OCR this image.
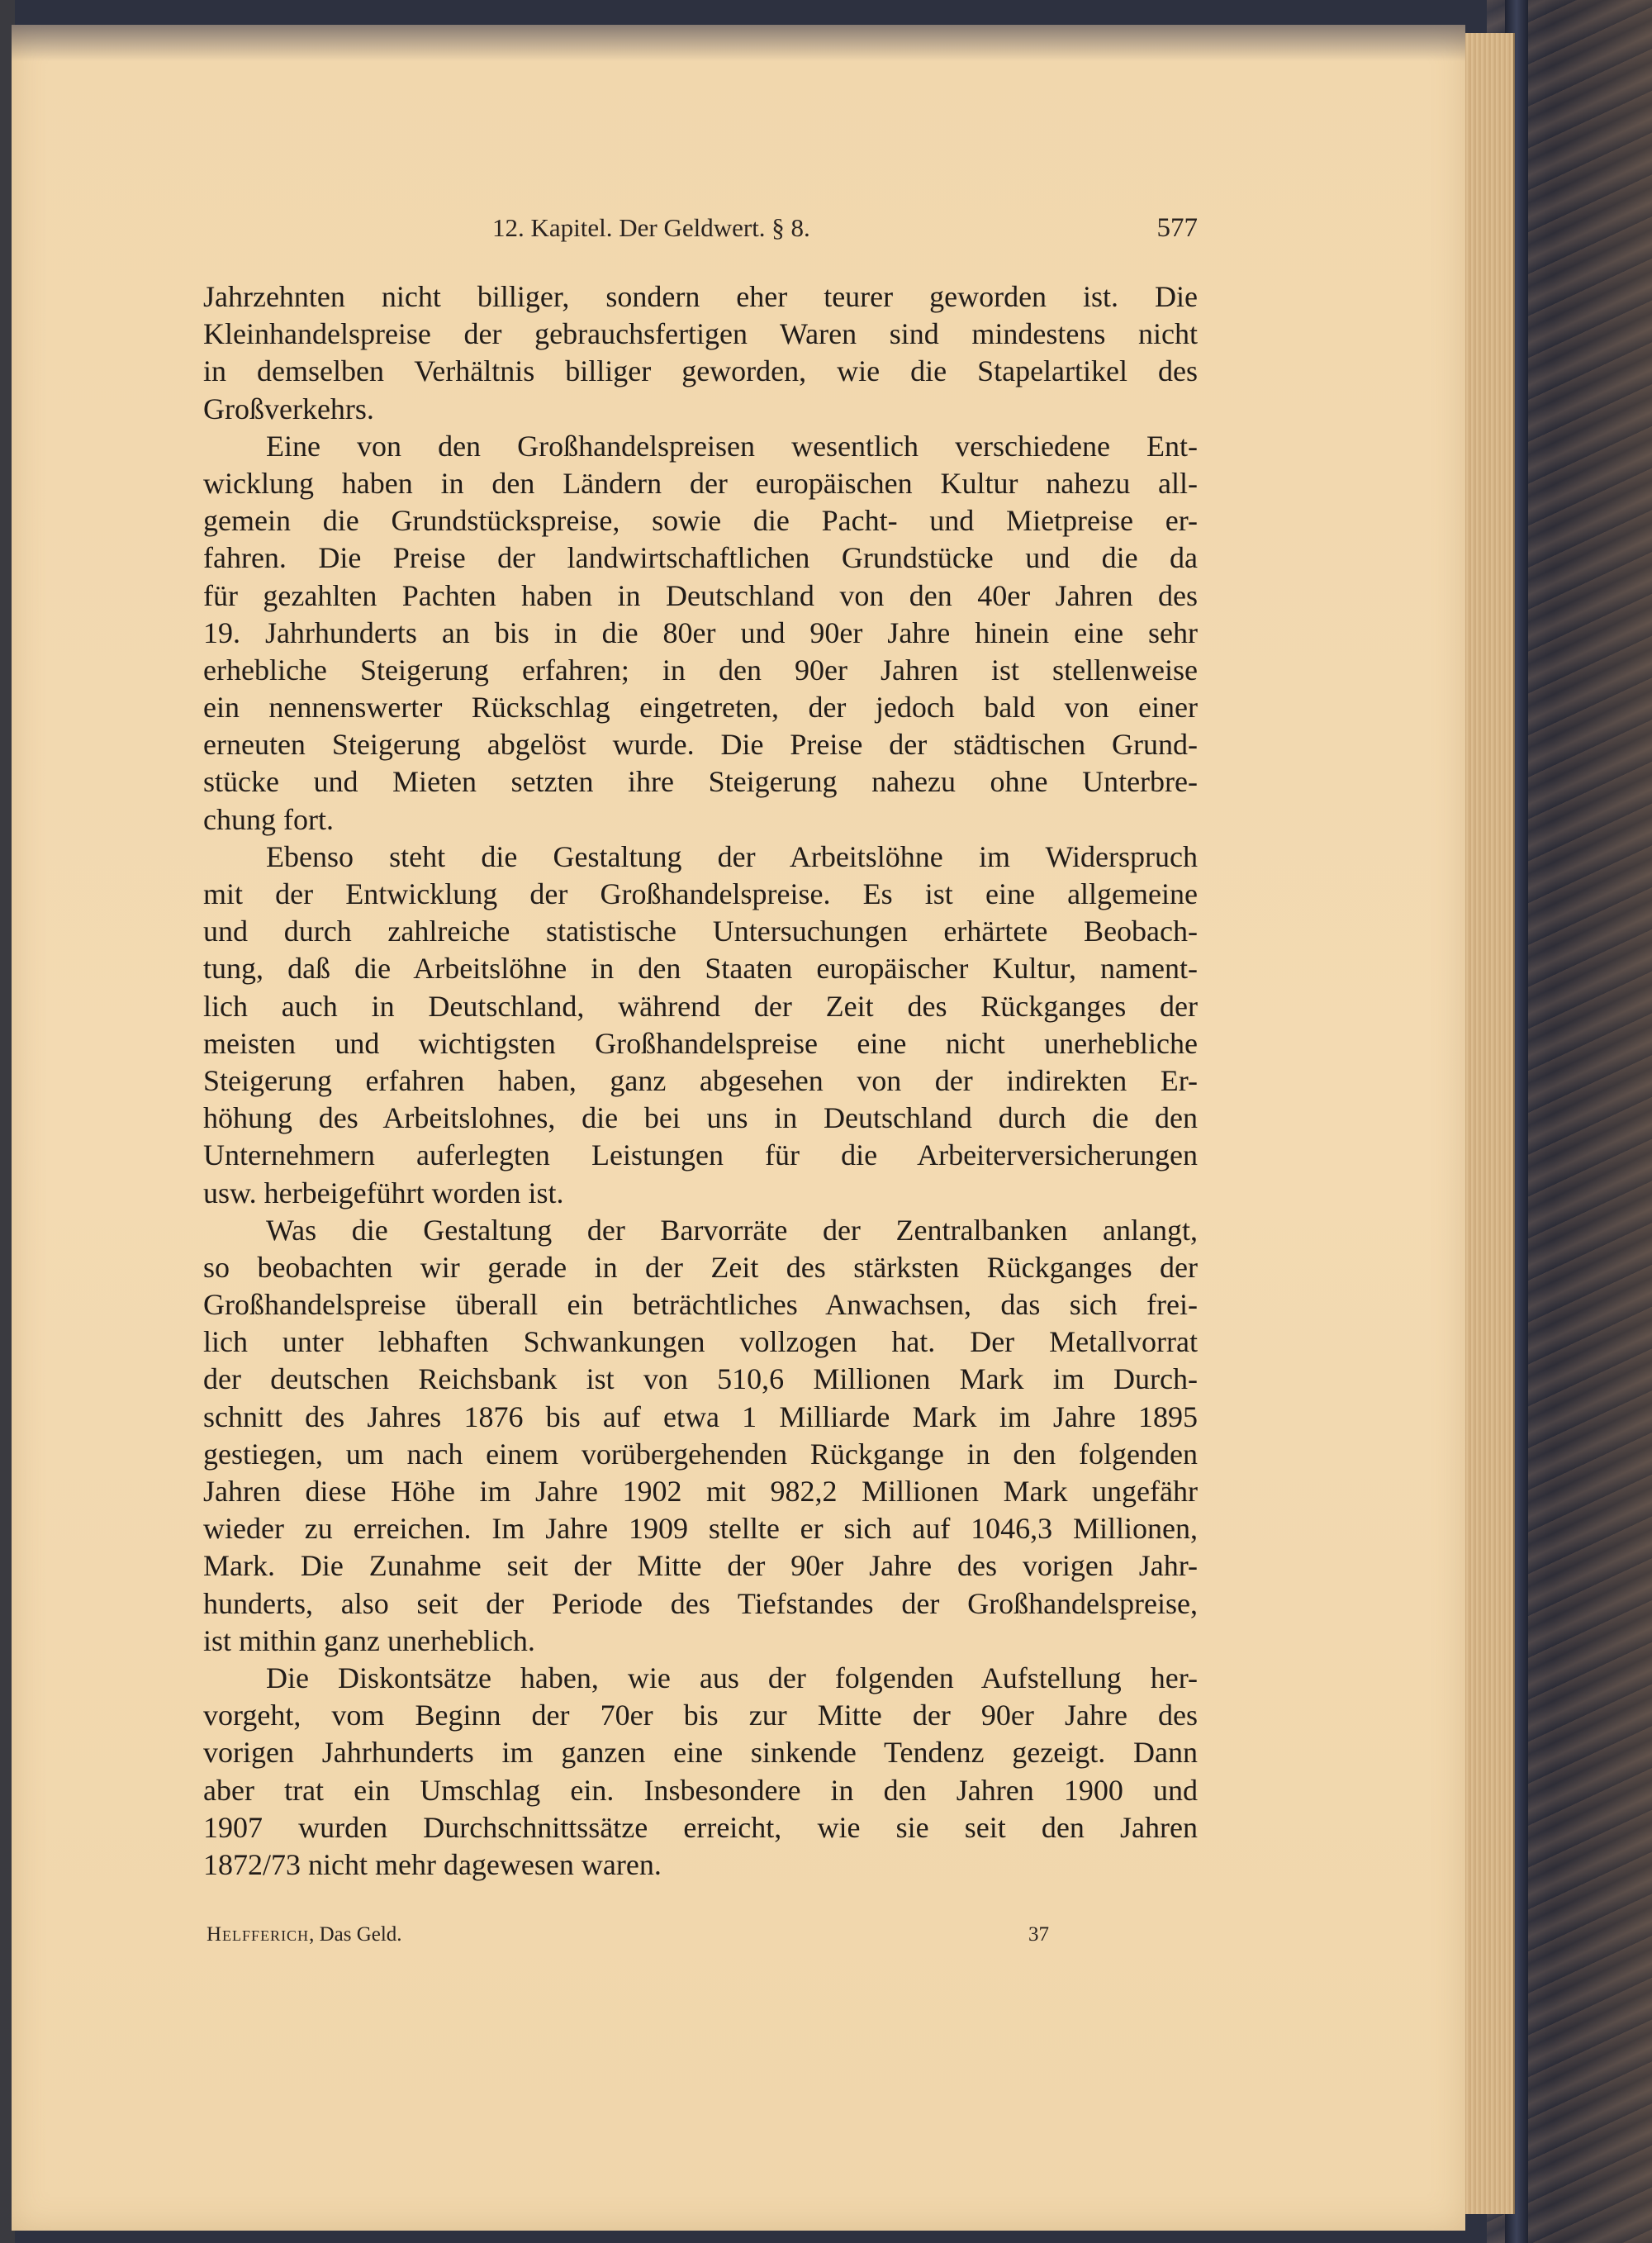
12. Kapitel. Der Geldwert. § 8.	577
Jahrzehnten nicht billiger, sondern eher teurer geworden ist. Die
Kleinhandelspreise der gebrauchsfertigen Waren sind mindestens nicht
in demselben Verhältnis billiger geworden, wie die Stapelartikel des
Großverkehrs.
Eine von den Großhandelspreisen wesentlich verschiedene Ent-
wicklung haben in den Ländern der europäischen Kultur nahezu all-
gemein die Grundstückspreise, sowie die Pacht- und Mietpreise er-
fahren. Die Preise der landwirtschaftlichen Grundstücke und die da
für gezahlten Pachten haben in Deutschland von den 40er Jahren des
19. Jahrhunderts an bis in die 80er und 90er Jahre hinein eine sehr
erhebliche Steigerung erfahren; in den 90er Jahren ist stellenweise
ein nennenswerter Rückschlag eingetreten, der jedoch bald von einer
erneuten Steigerung abgelöst wurde. Die Preise der städtischen Grund-
stücke und Mieten setzten ihre Steigerung nahezu ohne Unterbre-
chung fort.
Ebenso steht die Gestaltung der Arbeitslöhne im Widerspruch
mit der Entwicklung der Großhandelspreise. Es ist eine allgemeine
und durch zahlreiche statistische Untersuchungen erhärtete Beobach-
tung, daß die Arbeitslöhne in den Staaten europäischer Kultur, nament-
lich auch in Deutschland, während der Zeit des Rückganges der
meisten und wichtigsten Großhandelspreise eine nicht unerhebliche
Steigerung erfahren haben, ganz abgesehen von der indirekten Er-
höhung des Arbeitslohnes, die bei uns in Deutschland durch die den
Unternehmern auferlegten Leistungen für die Arbeiterversicherungen
usw. herbeigeführt worden ist.
Was die Gestaltung der Barvorräte der Zentralbanken anlangt,
so beobachten wir gerade in der Zeit des stärksten Rückganges der
Großhandelspreise überall ein beträchtliches Anwachsen, das sich frei-
lich unter lebhaften Schwankungen vollzogen hat. Der Metallvorrat
der deutschen Reichsbank ist von 510,6 Millionen Mark im Durch-
schnitt des Jahres 1876 bis auf etwa 1 Milliarde Mark im Jahre 1895
gestiegen, um nach einem vorübergehenden Rückgange in den folgenden
Jahren diese Höhe im Jahre 1902 mit 982,2 Millionen Mark ungefähr
wieder zu erreichen. Im Jahre 1909 stellte er sich auf 1046,3 Millionen,
Mark. Die Zunahme seit der Mitte der 90er Jahre des vorigen Jahr-
hunderts, also seit der Periode des Tiefstandes der Großhandelspreise,
ist mithin ganz unerheblich.
Die Diskontsätze haben, wie aus der folgenden Aufstellung her-
vorgeht, vom Beginn der 70er bis zur Mitte der 90er Jahre des
vorigen Jahrhunderts im ganzen eine sinkende Tendenz gezeigt. Dann
aber trat ein Umschlag ein. Insbesondere in den Jahren 1900 und
1907 wurden Durchschnittssätze erreicht, wie sie seit den Jahren
1872/73 nicht mehr dagewesen waren.
Helfferich, Das Geld.	37
